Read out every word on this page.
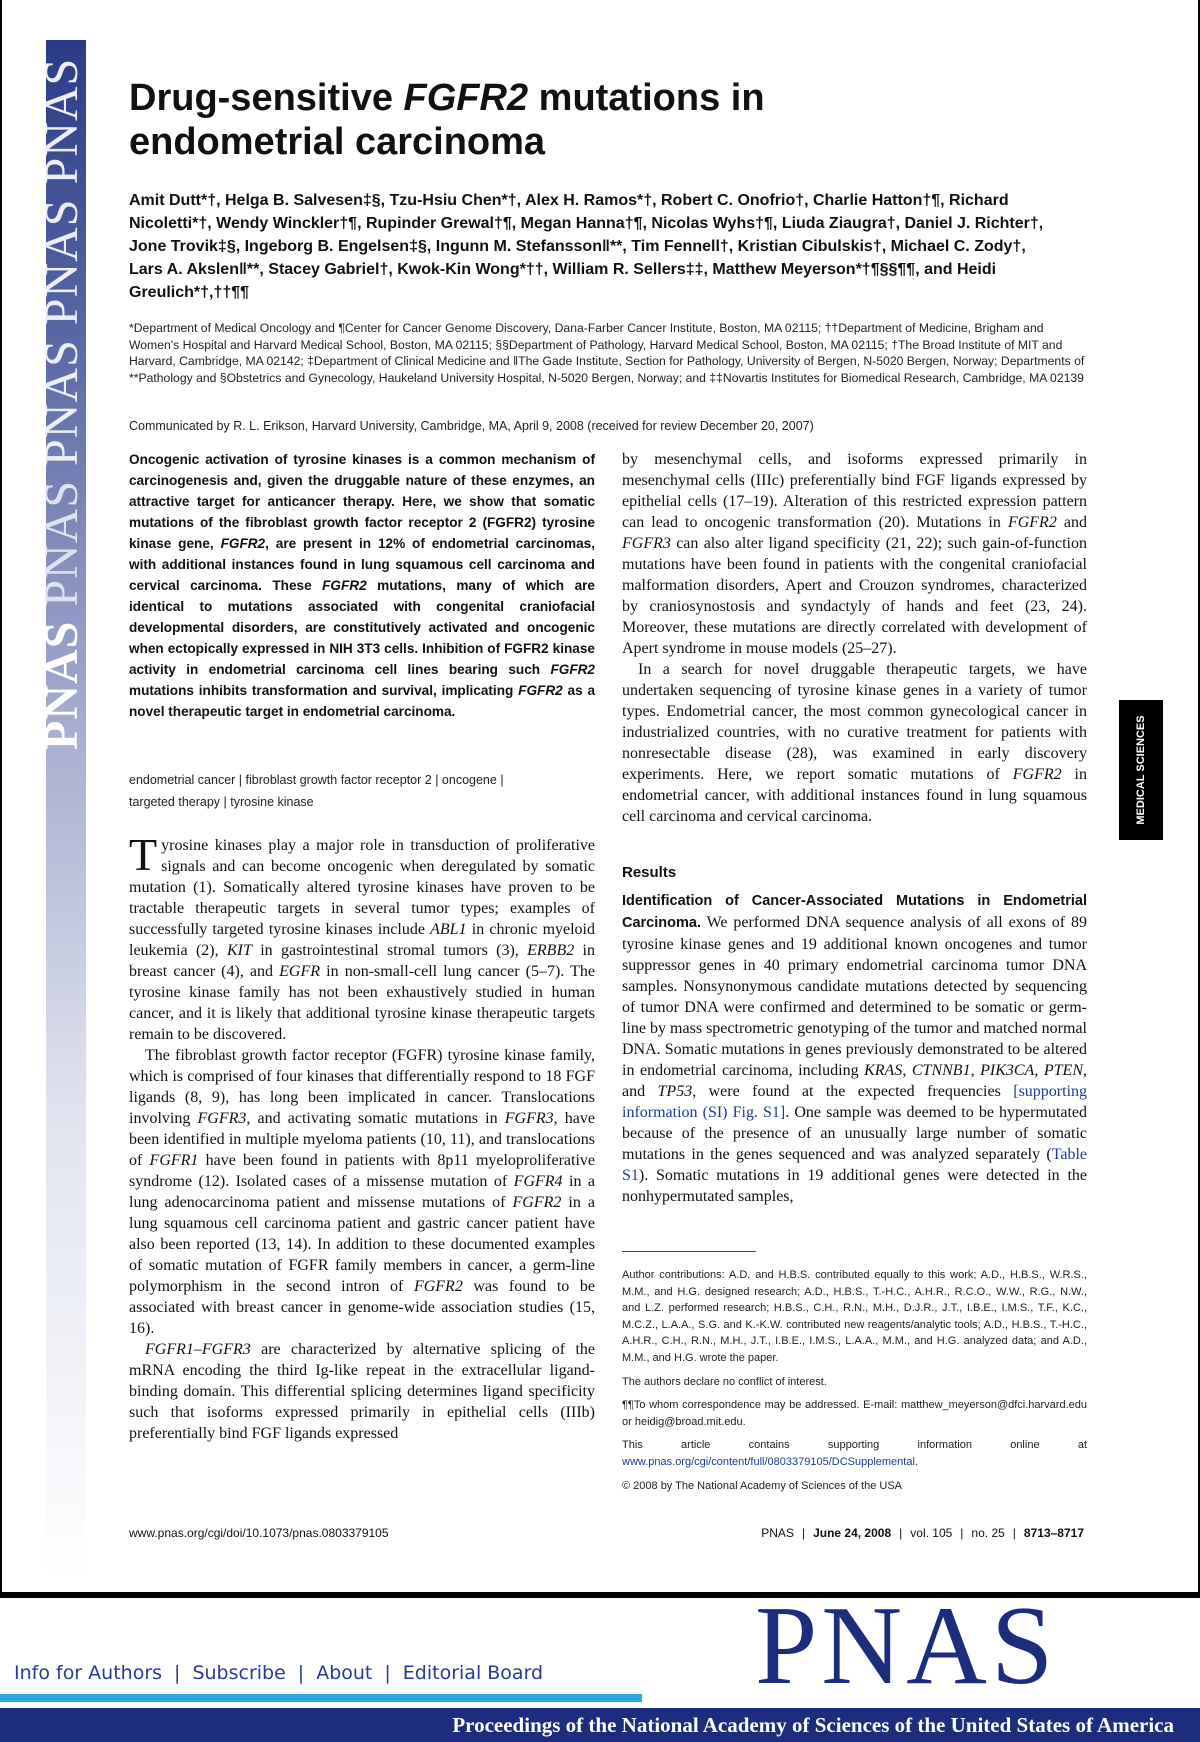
PNASPNASPNASPNASPNAS Drug-sensitive FGFR2 mutations in endometrial carcinoma
Amit Dutt*†, Helga B. Salvesen‡§, Tzu-Hsiu Chen*†, Alex H. Ramos*†, Robert C. Onofrio†, Charlie Hatton†¶, Richard Nicoletti*†, Wendy Winckler†¶, Rupinder Grewal†¶, Megan Hanna†¶, Nicolas Wyhs†¶, Liuda Ziaugra†, Daniel J. Richter†, Jone Trovik‡§, Ingeborg B. Engelsen‡§, Ingunn M. Stefansson‖**, Tim Fennell†, Kristian Cibulskis†, Michael C. Zody†, Lars A. Akslen‖**, Stacey Gabriel†, Kwok-Kin Wong*††, William R. Sellers‡‡, Matthew Meyerson*†¶§§¶¶, and Heidi Greulich*†,††¶¶
*Department of Medical Oncology and ¶Center for Cancer Genome Discovery, Dana-Farber Cancer Institute, Boston, MA 02115; ††Department of Medicine, Brigham and Women's Hospital and Harvard Medical School, Boston, MA 02115; §§Department of Pathology, Harvard Medical School, Boston, MA 02115; †The Broad Institute of MIT and Harvard, Cambridge, MA 02142; ‡Department of Clinical Medicine and ‖The Gade Institute, Section for Pathology, University of Bergen, N-5020 Bergen, Norway; Departments of **Pathology and §Obstetrics and Gynecology, Haukeland University Hospital, N-5020 Bergen, Norway; and ‡‡Novartis Institutes for Biomedical Research, Cambridge, MA 02139
Communicated by R. L. Erikson, Harvard University, Cambridge, MA, April 9, 2008 (received for review December 20, 2007)
Oncogenic activation of tyrosine kinases is a common mechanism of carcinogenesis and, given the druggable nature of these enzymes, an attractive target for anticancer therapy. Here, we show that somatic mutations of the fibroblast growth factor receptor 2 (FGFR2) tyrosine kinase gene, FGFR2, are present in 12% of endometrial carcinomas, with additional instances found in lung squamous cell carcinoma and cervical carcinoma. These FGFR2 mutations, many of which are identical to mutations associated with congenital craniofacial developmental disorders, are constitutively activated and oncogenic when ectopically expressed in NIH 3T3 cells. Inhibition of FGFR2 kinase activity in endometrial carcinoma cell lines bearing such FGFR2 mutations inhibits transformation and survival, implicating FGFR2 as a novel therapeutic target in endometrial carcinoma.
endometrial cancer | fibroblast growth factor receptor 2 | oncogene |
targeted therapy | tyrosine kinase

Tyrosine kinases play a major role in transduction of proliferative signals and can become oncogenic when deregulated by somatic mutation (1). Somatically altered tyrosine kinases have proven to be tractable therapeutic targets in several tumor types; examples of successfully targeted tyrosine kinases include ABL1 in chronic myeloid leukemia (2), KIT in gastrointestinal stromal tumors (3), ERBB2 in breast cancer (4), and EGFR in non-small-cell lung cancer (5–7). The tyrosine kinase family has not been exhaustively studied in human cancer, and it is likely that additional tyrosine kinase therapeutic targets remain to be discovered.

The fibroblast growth factor receptor (FGFR) tyrosine kinase family, which is comprised of four kinases that differentially respond to 18 FGF ligands (8, 9), has long been implicated in cancer. Translocations involving FGFR3, and activating somatic mutations in FGFR3, have been identified in multiple myeloma patients (10, 11), and translocations of FGFR1 have been found in patients with 8p11 myeloproliferative syndrome (12). Isolated cases of a missense mutation of FGFR4 in a lung adenocarcinoma patient and missense mutations of FGFR2 in a lung squamous cell carcinoma patient and gastric cancer patient have also been reported (13, 14). In addition to these documented examples of somatic mutation of FGFR family members in cancer, a germ-line polymorphism in the second intron of FGFR2 was found to be associated with breast cancer in genome-wide association studies (15, 16).

FGFR1–FGFR3 are characterized by alternative splicing of the mRNA encoding the third Ig-like repeat in the extracellular ligand-binding domain. This differential splicing determines ligand specificity such that isoforms expressed primarily in epithelial cells (IIIb) preferentially bind FGF ligands expressed

by mesenchymal cells, and isoforms expressed primarily in mesenchymal cells (IIIc) preferentially bind FGF ligands expressed by epithelial cells (17–19). Alteration of this restricted expression pattern can lead to oncogenic transformation (20). Mutations in FGFR2 and FGFR3 can also alter ligand specificity (21, 22); such gain-of-function mutations have been found in patients with the congenital craniofacial malformation disorders, Apert and Crouzon syndromes, characterized by craniosynostosis and syndactyly of hands and feet (23, 24). Moreover, these mutations are directly correlated with development of Apert syndrome in mouse models (25–27).

In a search for novel druggable therapeutic targets, we have undertaken sequencing of tyrosine kinase genes in a variety of tumor types. Endometrial cancer, the most common gynecological cancer in industrialized countries, with no curative treatment for patients with nonresectable disease (28), was examined in early discovery experiments. Here, we report somatic mutations of FGFR2 in endometrial cancer, with additional instances found in lung squamous cell carcinoma and cervical carcinoma.

Results

Identification of Cancer-Associated Mutations in Endometrial Carcinoma. We performed DNA sequence analysis of all exons of 89 tyrosine kinase genes and 19 additional known oncogenes and tumor suppressor genes in 40 primary endometrial carcinoma tumor DNA samples. Nonsynonymous candidate mutations detected by sequencing of tumor DNA were confirmed and determined to be somatic or germ-line by mass spectrometric genotyping of the tumor and matched normal DNA. Somatic mutations in genes previously demonstrated to be altered in endometrial carcinoma, including KRAS, CTNNB1, PIK3CA, PTEN, and TP53, were found at the expected frequencies [supporting information (SI) Fig. S1]. One sample was deemed to be hypermutated because of the presence of an unusually large number of somatic mutations in the genes sequenced and was analyzed separately (Table S1). Somatic mutations in 19 additional genes were detected in the nonhypermutated samples,

Author contributions: A.D. and H.B.S. contributed equally to this work; A.D., H.B.S., W.R.S., M.M., and H.G. designed research; A.D., H.B.S., T.-H.C., A.H.R., R.C.O., W.W., R.G., N.W., and L.Z. performed research; H.B.S., C.H., R.N., M.H., D.J.R., J.T., I.B.E., I.M.S., T.F., K.C., M.C.Z., L.A.A., S.G. and K.-K.W. contributed new reagents/analytic tools; A.D., H.B.S., T.-H.C., A.H.R., C.H., R.N., M.H., J.T., I.B.E., I.M.S., L.A.A., M.M., and H.G. analyzed data; and A.D., M.M., and H.G. wrote the paper.

The authors declare no conflict of interest.

¶¶To whom correspondence may be addressed. E-mail: matthew_meyerson@dfci.harvard.edu or heidig@broad.mit.edu.

This article contains supporting information online at www.pnas.org/cgi/content/full/0803379105/DCSupplemental.

© 2008 by The National Academy of Sciences of the USA

www.pnas.org/cgi/doi/10.1073/pnas.0803379105	PNAS | June 24, 2008 | vol. 105 | no. 25 | 8713–8717
MEDICAL SCIENCES
Info for Authors | Subscribe | About | Editorial Board PNAS
Proceedings of the National Academy of Sciences of the United States of America
